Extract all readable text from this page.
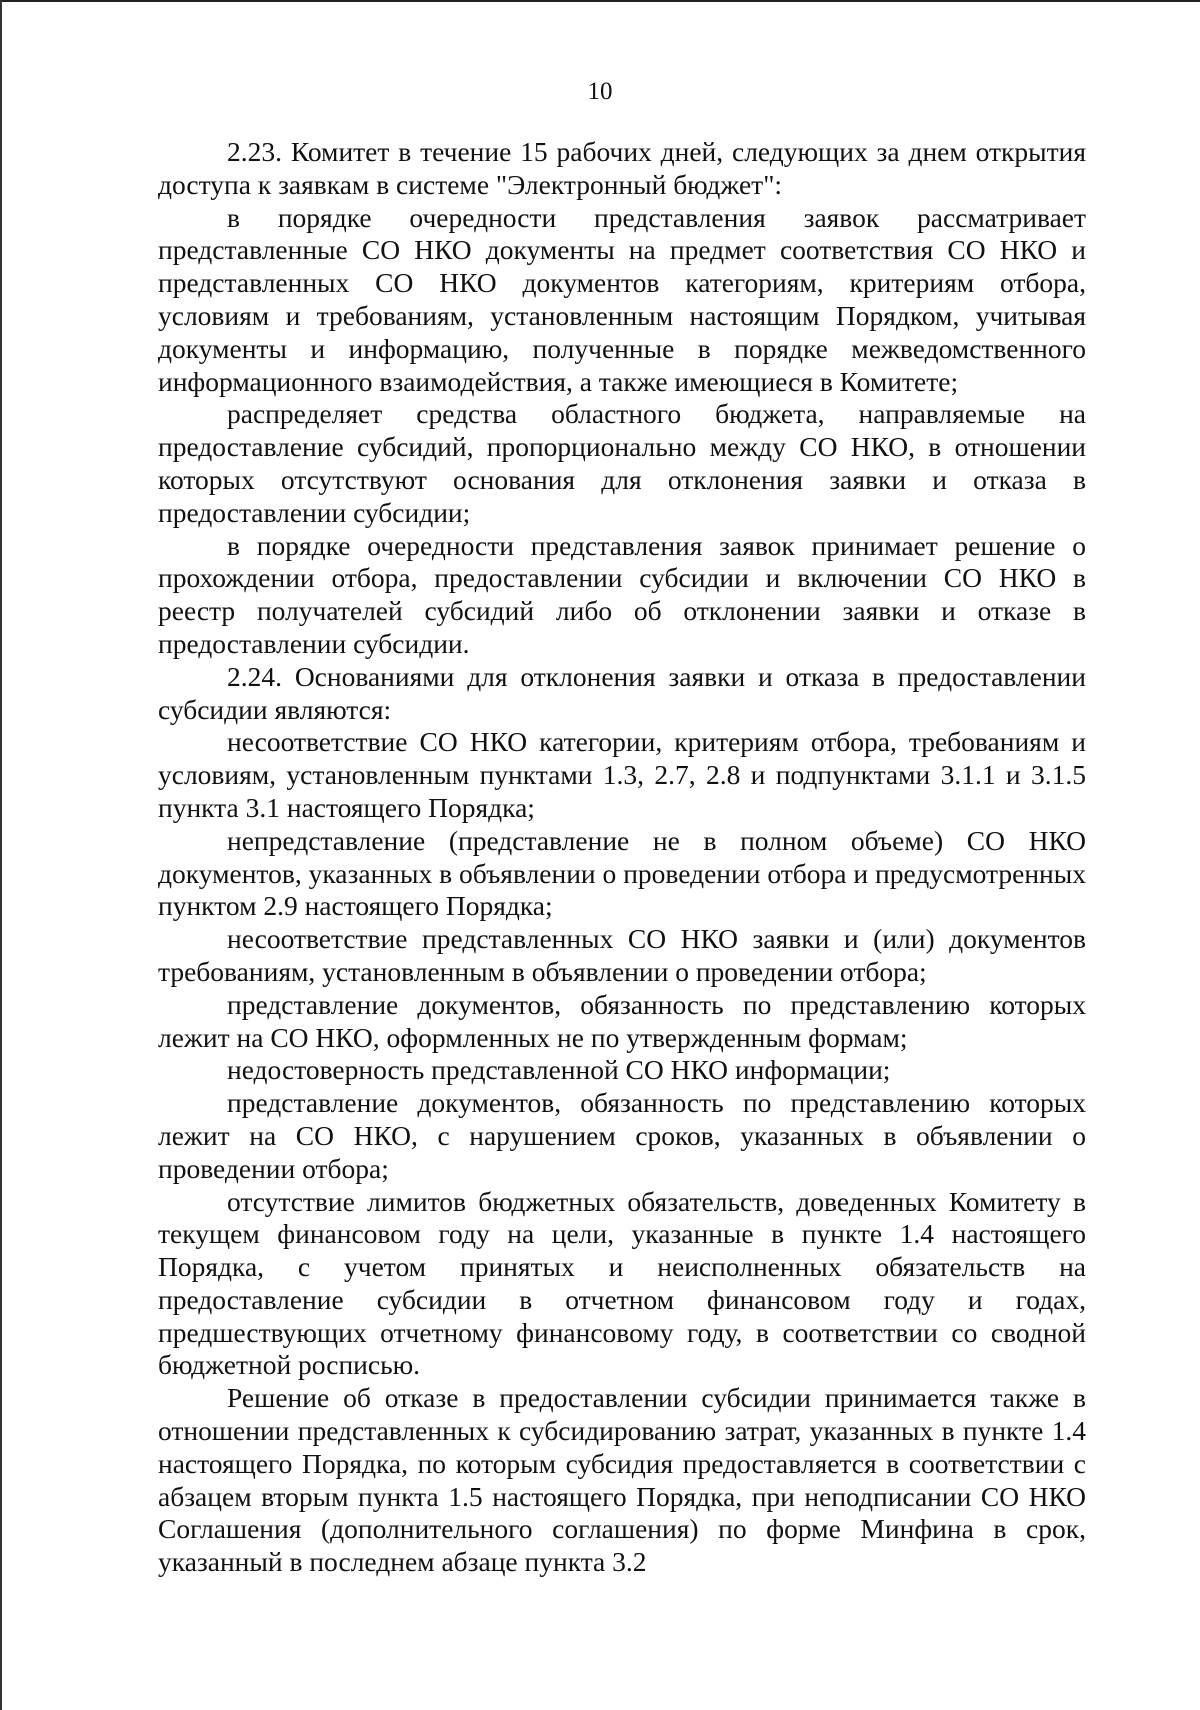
10

2.23. Комитет в течение 15 рабочих дней, следующих за днем открытия доступа к заявкам в системе "Электронный бюджет":

в порядке очередности представления заявок рассматривает представленные СО НКО документы на предмет соответствия СО НКО и представленных СО НКО документов категориям, критериям отбора, условиям и требованиям, установленным настоящим Порядком, учитывая документы и информацию, полученные в порядке межведомственного информационного взаимодействия, а также имеющиеся в Комитете;

распределяет средства областного бюджета, направляемые на предоставление субсидий, пропорционально между СО НКО, в отношении которых отсутствуют основания для отклонения заявки и отказа в предоставлении субсидии;

в порядке очередности представления заявок принимает решение о прохождении отбора, предоставлении субсидии и включении СО НКО в реестр получателей субсидий либо об отклонении заявки и отказе в предоставлении субсидии.

2.24. Основаниями для отклонения заявки и отказа в предоставлении субсидии являются:

несоответствие СО НКО категории, критериям отбора, требованиям и условиям, установленным пунктами 1.3, 2.7, 2.8 и подпунктами 3.1.1 и 3.1.5 пункта 3.1 настоящего Порядка;

непредставление (представление не в полном объеме) СО НКО документов, указанных в объявлении о проведении отбора и предусмотренных пунктом 2.9 настоящего Порядка;

несоответствие представленных СО НКО заявки и (или) документов требованиям, установленным в объявлении о проведении отбора;

представление документов, обязанность по представлению которых лежит на СО НКО, оформленных не по утвержденным формам;

недостоверность представленной СО НКО информации;

представление документов, обязанность по представлению которых лежит на СО НКО, с нарушением сроков, указанных в объявлении о проведении отбора;

отсутствие лимитов бюджетных обязательств, доведенных Комитету в текущем финансовом году на цели, указанные в пункте 1.4 настоящего Порядка, с учетом принятых и неисполненных обязательств на предоставление субсидии в отчетном финансовом году и годах, предшествующих отчетному финансовому году, в соответствии со сводной бюджетной росписью.

Решение об отказе в предоставлении субсидии принимается также в отношении представленных к субсидированию затрат, указанных в пункте 1.4 настоящего Порядка, по которым субсидия предоставляется в соответствии с абзацем вторым пункта 1.5 настоящего Порядка, при неподписании СО НКО Соглашения (дополнительного соглашения) по форме Минфина в срок, указанный в последнем абзаце пункта 3.2
